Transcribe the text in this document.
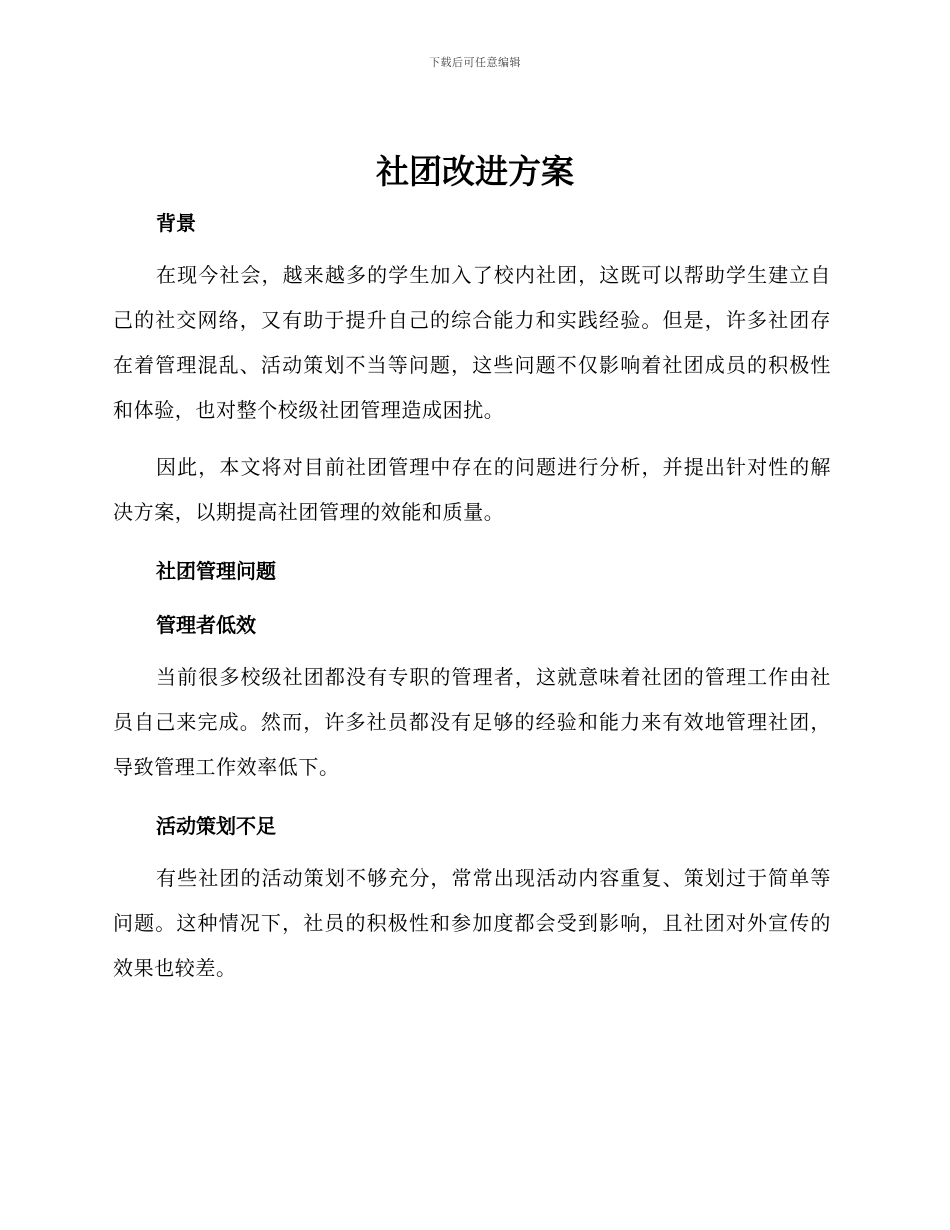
下载后可任意编辑
社团改进方案
背景

在现今社会，越来越多的学生加入了校内社团，这既可以帮助学生建立自己的社交网络，又有助于提升自己的综合能力和实践经验。但是，许多社团存在着管理混乱、活动策划不当等问题，这些问题不仅影响着社团成员的积极性和体验，也对整个校级社团管理造成困扰。

因此，本文将对目前社团管理中存在的问题进行分析，并提出针对性的解决方案，以期提高社团管理的效能和质量。

社团管理问题
管理者低效

当前很多校级社团都没有专职的管理者，这就意味着社团的管理工作由社员自己来完成。然而，许多社员都没有足够的经验和能力来有效地管理社团，导致管理工作效率低下。

活动策划不足

有些社团的活动策划不够充分，常常出现活动内容重复、策划过于简单等问题。这种情况下，社员的积极性和参加度都会受到影响，且社团对外宣传的效果也较差。
